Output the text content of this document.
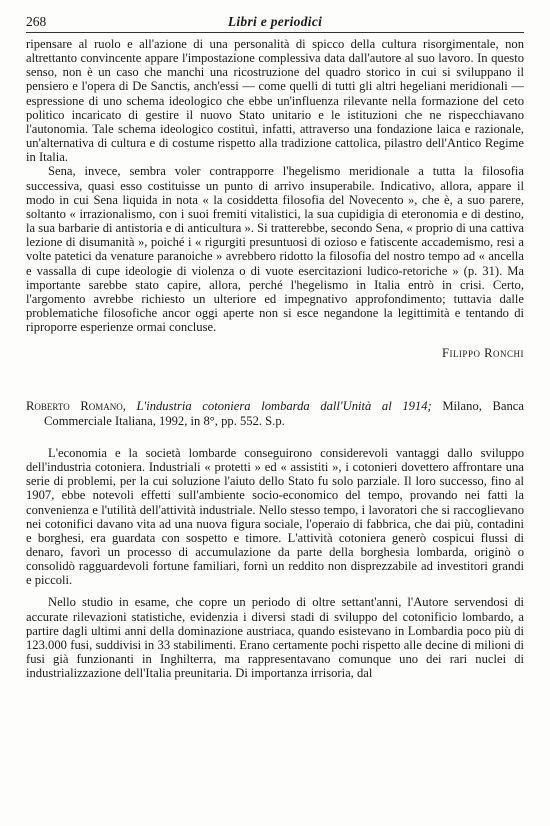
268	Libri e periodici

ripensare al ruolo e all'azione di una personalità di spicco della cultura risorgimentale, non altrettanto convincente appare l'impostazione complessiva data dall'autore al suo lavoro. In questo senso, non è un caso che manchi una ricostruzione del quadro storico in cui si sviluppano il pensiero e l'opera di De Sanctis, anch'essi — come quelli di tutti gli altri hegeliani meridionali — espressione di uno schema ideologico che ebbe un'influenza rilevante nella formazione del ceto politico incaricato di gestire il nuovo Stato unitario e le istituzioni che ne rispecchiavano l'autonomia. Tale schema ideologico costituì, infatti, attraverso una fondazione laica e razionale, un'alternativa di cultura e di costume rispetto alla tradizione cattolica, pilastro dell'Antico Regime in Italia.

Sena, invece, sembra voler contrapporre l'hegelismo meridionale a tutta la filosofia successiva, quasi esso costituisse un punto di arrivo insuperabile. Indicativo, allora, appare il modo in cui Sena liquida in nota « la cosiddetta filosofia del Novecento », che è, a suo parere, soltanto « irrazionalismo, con i suoi fremiti vitalistici, la sua cupidigia di eteronomia e di destino, la sua barbarie di antistoria e di anticultura ». Si tratterebbe, secondo Sena, « proprio di una cattiva lezione di disumanità », poiché i « rigurgiti presuntuosi di ozioso e fatiscente accademismo, resi a volte patetici da venature paranoiche » avrebbero ridotto la filosofia del nostro tempo ad « ancella e vassalla di cupe ideologie di violenza o di vuote esercitazioni ludico-retoriche » (p. 31). Ma importante sarebbe stato capire, allora, perché l'hegelismo in Italia entrò in crisi. Certo, l'argomento avrebbe richiesto un ulteriore ed impegnativo approfondimento; tuttavia dalle problematiche filosofiche ancor oggi aperte non si esce negandone la legittimità e tentando di riproporre esperienze ormai concluse.

Filippo Ronchi
Roberto Romano, L'industria cotoniera lombarda dall'Unità al 1914; Milano, Banca Commerciale Italiana, 1992, in 8°, pp. 552. S.p.

L'economia e la società lombarde conseguirono considerevoli vantaggi dallo sviluppo dell'industria cotoniera. Industriali « protetti » ed « assistiti », i cotonieri dovettero affrontare una serie di problemi, per la cui soluzione l'aiuto dello Stato fu solo parziale. Il loro successo, fino al 1907, ebbe notevoli effetti sull'ambiente socio-economico del tempo, provando nei fatti la convenienza e l'utilità dell'attività industriale. Nello stesso tempo, i lavoratori che si raccoglievano nei cotonifici davano vita ad una nuova figura sociale, l'operaio di fabbrica, che dai più, contadini e borghesi, era guardata con sospetto e timore. L'attività cotoniera generò cospicui flussi di denaro, favorì un processo di accumulazione da parte della borghesia lombarda, originò o consolidò ragguardevoli fortune familiari, fornì un reddito non disprezzabile ad investitori grandi e piccoli.

Nello studio in esame, che copre un periodo di oltre settant'anni, l'Autore servendosi di accurate rilevazioni statistiche, evidenzia i diversi stadi di sviluppo del cotonificio lombardo, a partire dagli ultimi anni della dominazione austriaca, quando esistevano in Lombardia poco più di 123.000 fusi, suddivisi in 33 stabilimenti. Erano certamente pochi rispetto alle decine di milioni di fusi già funzionanti in Inghilterra, ma rappresentavano comunque uno dei rari nuclei di industrializzazione dell'Italia preunitaria. Di importanza irrisoria, dal
